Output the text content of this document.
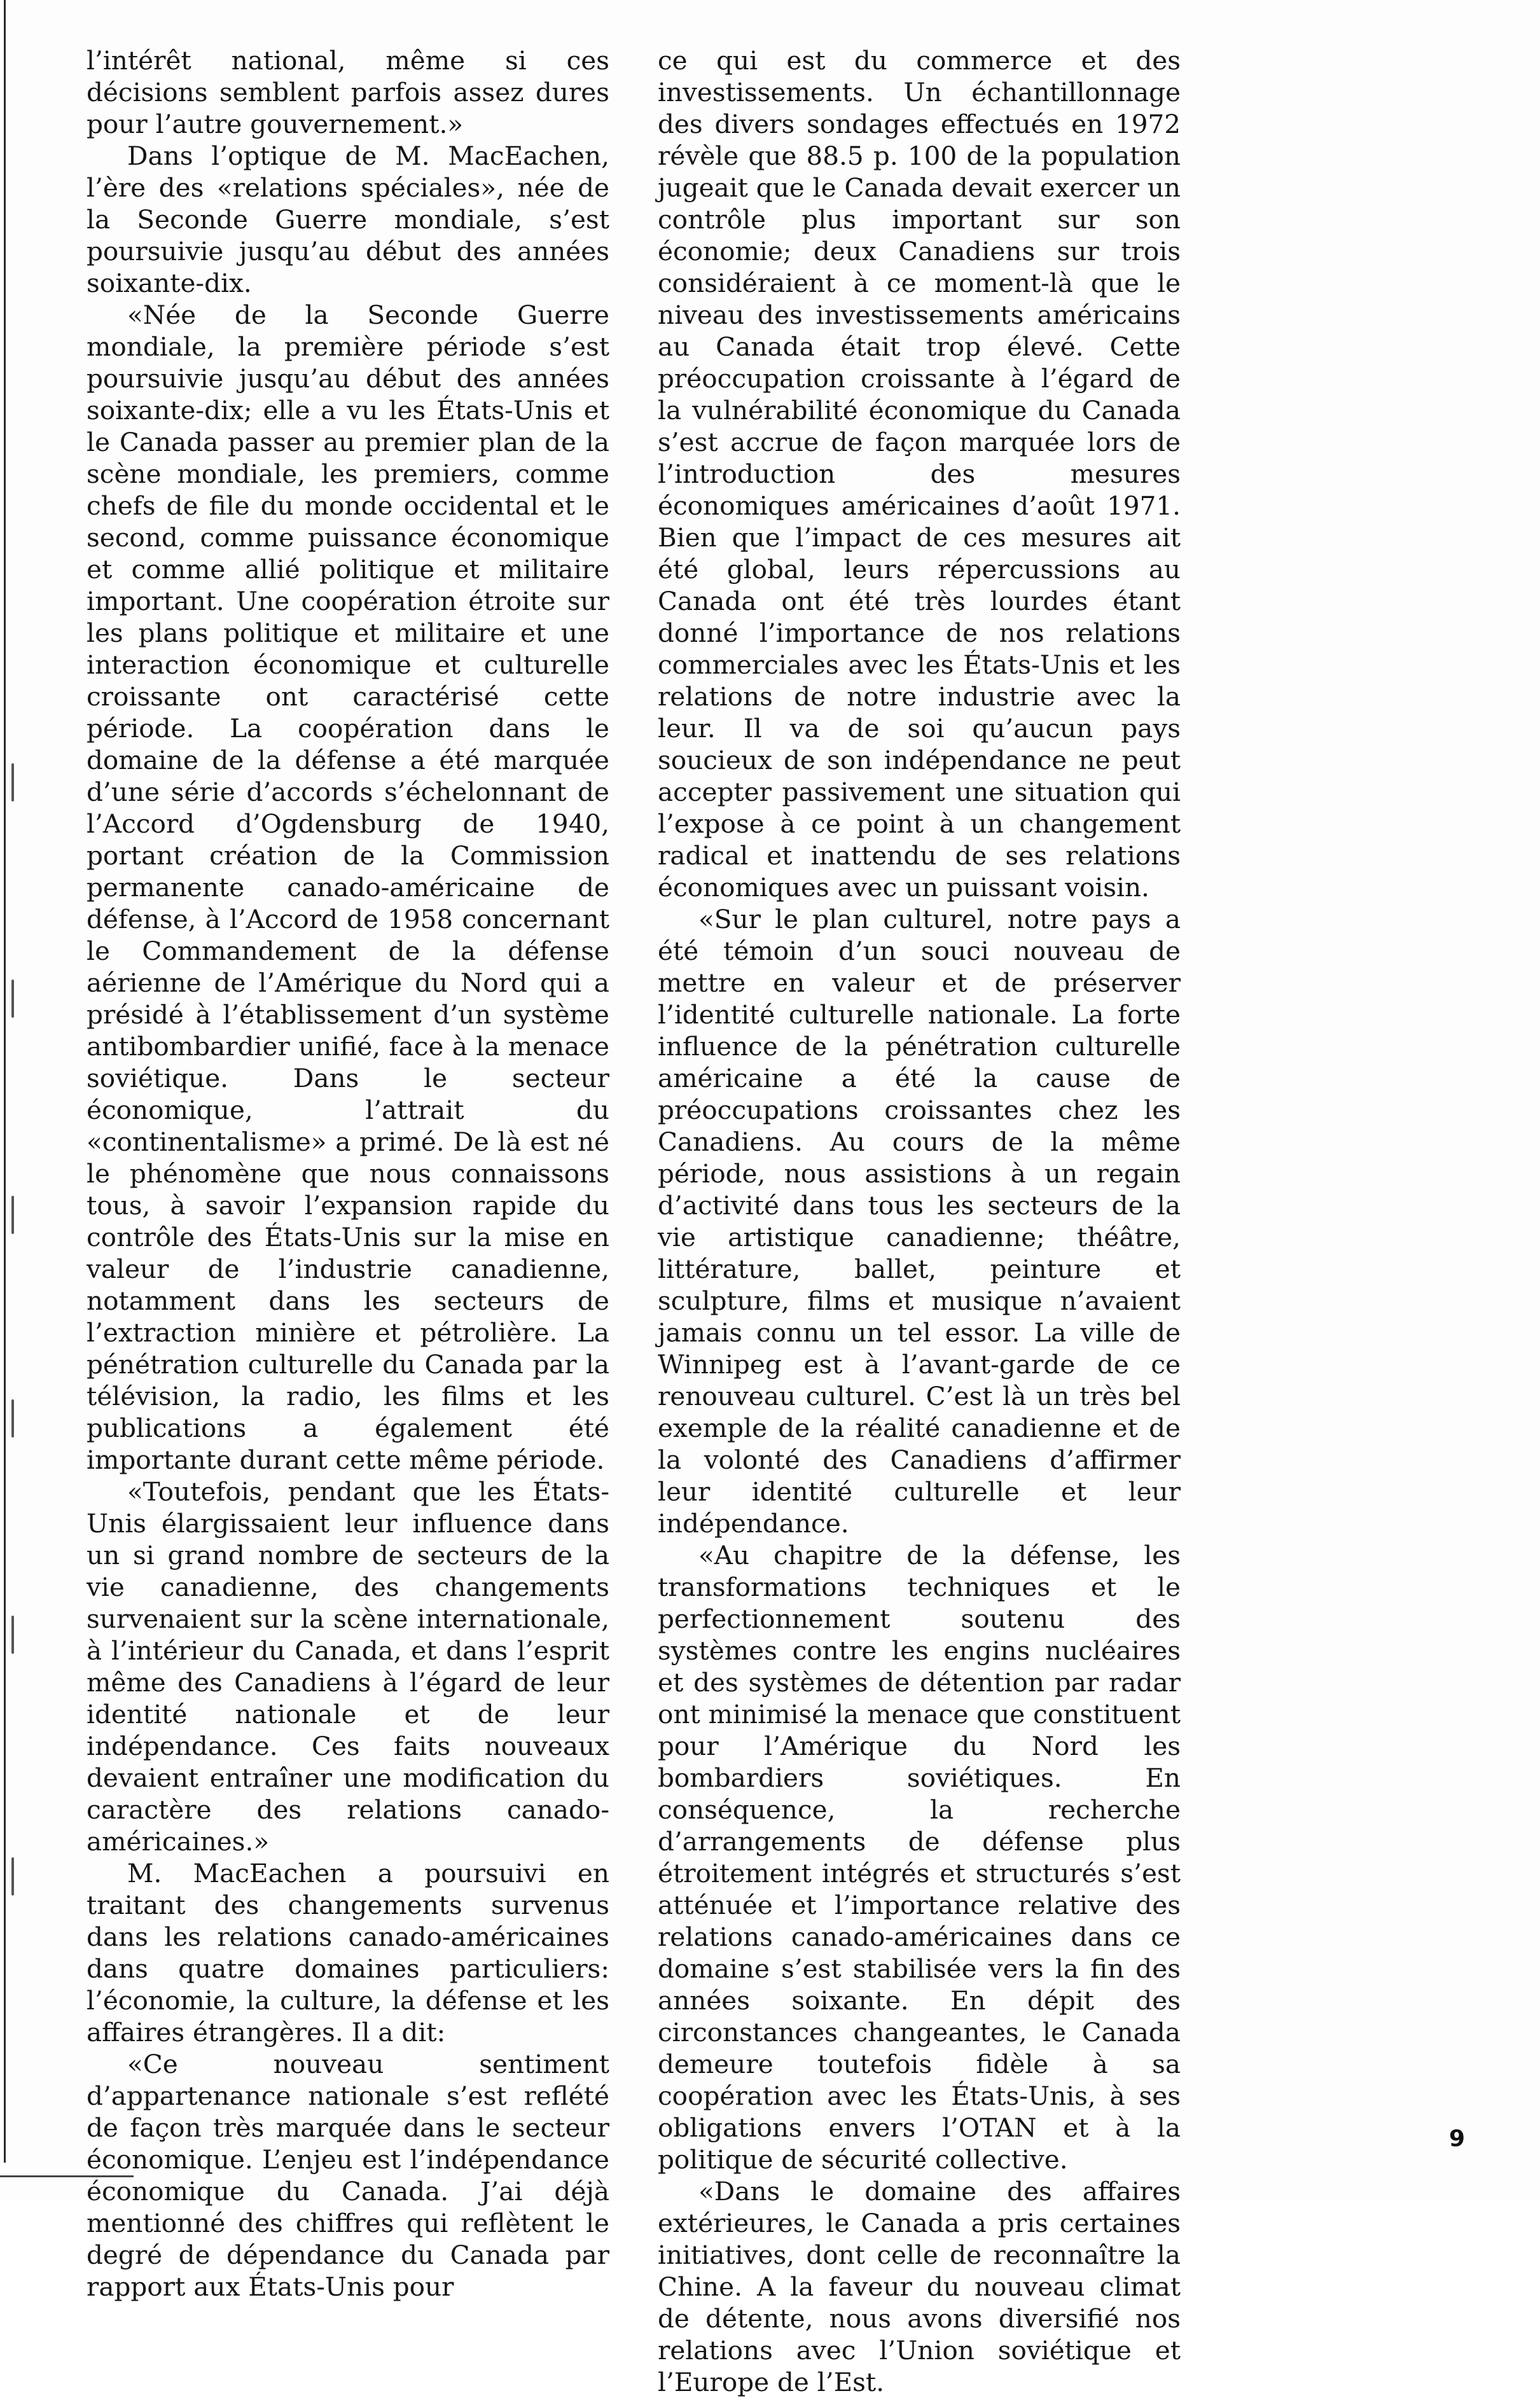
l’intérêt national, même si ces décisions semblent parfois assez dures pour l’autre gouvernement.»

Dans l’optique de M. MacEachen, l’ère des «relations spéciales», née de la Seconde Guerre mondiale, s’est poursuivie jusqu’au début des années soixante-dix.

«Née de la Seconde Guerre mondiale, la première période s’est poursuivie jusqu’au début des années soixante-dix; elle a vu les États-Unis et le Canada passer au premier plan de la scène mondiale, les premiers, comme chefs de file du monde occidental et le second, comme puissance économique et comme allié politique et militaire important. Une coopération étroite sur les plans politique et militaire et une interaction économique et culturelle croissante ont caractérisé cette période. La coopération dans le domaine de la défense a été marquée d’une série d’accords s’échelonnant de l’Accord d’Ogdensburg de 1940, portant création de la Commission permanente canado-américaine de défense, à l’Accord de 1958 concernant le Commandement de la défense aérienne de l’Amérique du Nord qui a présidé à l’établissement d’un système antibombardier unifié, face à la menace soviétique. Dans le secteur économique, l’attrait du «continentalisme» a primé. De là est né le phénomène que nous connaissons tous, à savoir l’expansion rapide du contrôle des États-Unis sur la mise en valeur de l’industrie canadienne, notamment dans les secteurs de l’extraction minière et pétrolière. La pénétration culturelle du Canada par la télévision, la radio, les films et les publications a également été importante durant cette même période.

«Toutefois, pendant que les États-Unis élargissaient leur influence dans un si grand nombre de secteurs de la vie canadienne, des changements survenaient sur la scène internationale, à l’intérieur du Canada, et dans l’esprit même des Canadiens à l’égard de leur identité nationale et de leur indépendance. Ces faits nouveaux devaient entraîner une modification du caractère des relations canado-américaines.»

M. MacEachen a poursuivi en traitant des changements survenus dans les relations canado-américaines dans quatre domaines particuliers: l’économie, la culture, la défense et les affaires étrangères. Il a dit:

«Ce nouveau sentiment d’appartenance nationale s’est reflété de façon très marquée dans le secteur économique. L’enjeu est l’indépendance économique du Canada. J’ai déjà mentionné des chiffres qui reflètent le degré de dépendance du Canada par rapport aux États-Unis pour

ce qui est du commerce et des investissements. Un échantillonnage des divers sondages effectués en 1972 révèle que 88.5 p. 100 de la population jugeait que le Canada devait exercer un contrôle plus important sur son économie; deux Canadiens sur trois considéraient à ce moment-là que le niveau des investissements américains au Canada était trop élevé. Cette préoccupation croissante à l’égard de la vulnérabilité économique du Canada s’est accrue de façon marquée lors de l’introduction des mesures économiques américaines d’août 1971. Bien que l’impact de ces mesures ait été global, leurs répercussions au Canada ont été très lourdes étant donné l’importance de nos relations commerciales avec les États-Unis et les relations de notre industrie avec la leur. Il va de soi qu’aucun pays soucieux de son indépendance ne peut accepter passivement une situation qui l’expose à ce point à un changement radical et inattendu de ses relations économiques avec un puissant voisin.

«Sur le plan culturel, notre pays a été témoin d’un souci nouveau de mettre en valeur et de préserver l’identité culturelle nationale. La forte influence de la pénétration culturelle américaine a été la cause de préoccupations croissantes chez les Canadiens. Au cours de la même période, nous assistions à un regain d’activité dans tous les secteurs de la vie artistique canadienne; théâtre, littérature, ballet, peinture et sculpture, films et musique n’avaient jamais connu un tel essor. La ville de Winnipeg est à l’avant-garde de ce renouveau culturel. C’est là un très bel exemple de la réalité canadienne et de la volonté des Canadiens d’affirmer leur identité culturelle et leur indépendance.

«Au chapitre de la défense, les transformations techniques et le perfectionnement soutenu des systèmes contre les engins nucléaires et des systèmes de détention par radar ont minimisé la menace que constituent pour l’Amérique du Nord les bombardiers soviétiques. En conséquence, la recherche d’arrangements de défense plus étroitement intégrés et structurés s’est atténuée et l’importance relative des relations canado-américaines dans ce domaine s’est stabilisée vers la fin des années soixante. En dépit des circonstances changeantes, le Canada demeure toutefois fidèle à sa coopération avec les États-Unis, à ses obligations envers l’OTAN et à la politique de sécurité collective.

«Dans le domaine des affaires extérieures, le Canada a pris certaines initiatives, dont celle de reconnaître la Chine. A la faveur du nouveau climat de détente, nous avons diversifié nos relations avec l’Union soviétique et l’Europe de l’Est.

9
